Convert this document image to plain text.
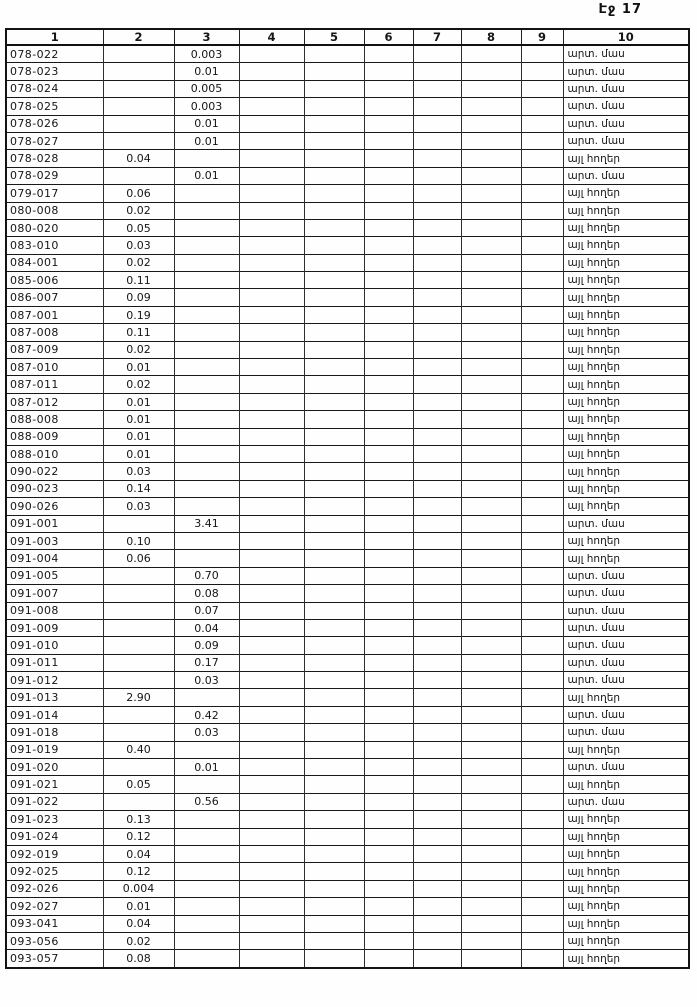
Էջ 17
1	2	3	4	5	6	7	8	9	10
078-022		0.003							արտ. մաս
078-023		0.01							արտ. մաս
078-024		0.005							արտ. մաս
078-025		0.003							արտ. մաս
078-026		0.01							արտ. մաս
078-027		0.01							արտ. մաս
078-028	0.04								այլ հողեր
078-029		0.01							արտ. մաս
079-017	0.06								այլ հողեր
080-008	0.02								այլ հողեր
080-020	0.05								այլ հողեր
083-010	0.03								այլ հողեր
084-001	0.02								այլ հողեր
085-006	0.11								այլ հողեր
086-007	0.09								այլ հողեր
087-001	0.19								այլ հողեր
087-008	0.11								այլ հողեր
087-009	0.02								այլ հողեր
087-010	0.01								այլ հողեր
087-011	0.02								այլ հողեր
087-012	0.01								այլ հողեր
088-008	0.01								այլ հողեր
088-009	0.01								այլ հողեր
088-010	0.01								այլ հողեր
090-022	0.03								այլ հողեր
090-023	0.14								այլ հողեր
090-026	0.03								այլ հողեր
091-001		3.41							արտ. մաս
091-003	0.10								այլ հողեր
091-004	0.06								այլ հողեր
091-005		0.70							արտ. մաս
091-007		0.08							արտ. մաս
091-008		0.07							արտ. մաս
091-009		0.04							արտ. մաս
091-010		0.09							արտ. մաս
091-011		0.17							արտ. մաս
091-012		0.03							արտ. մաս
091-013	2.90								այլ հողեր
091-014		0.42							արտ. մաս
091-018		0.03							արտ. մաս
091-019	0.40								այլ հողեր
091-020		0.01							արտ. մաս
091-021	0.05								այլ հողեր
091-022		0.56							արտ. մաս
091-023	0.13								այլ հողեր
091-024	0.12								այլ հողեր
092-019	0.04								այլ հողեր
092-025	0.12								այլ հողեր
092-026	0.004								այլ հողեր
092-027	0.01								այլ հողեր
093-041	0.04								այլ հողեր
093-056	0.02								այլ հողեր
093-057	0.08								այլ հողեր
